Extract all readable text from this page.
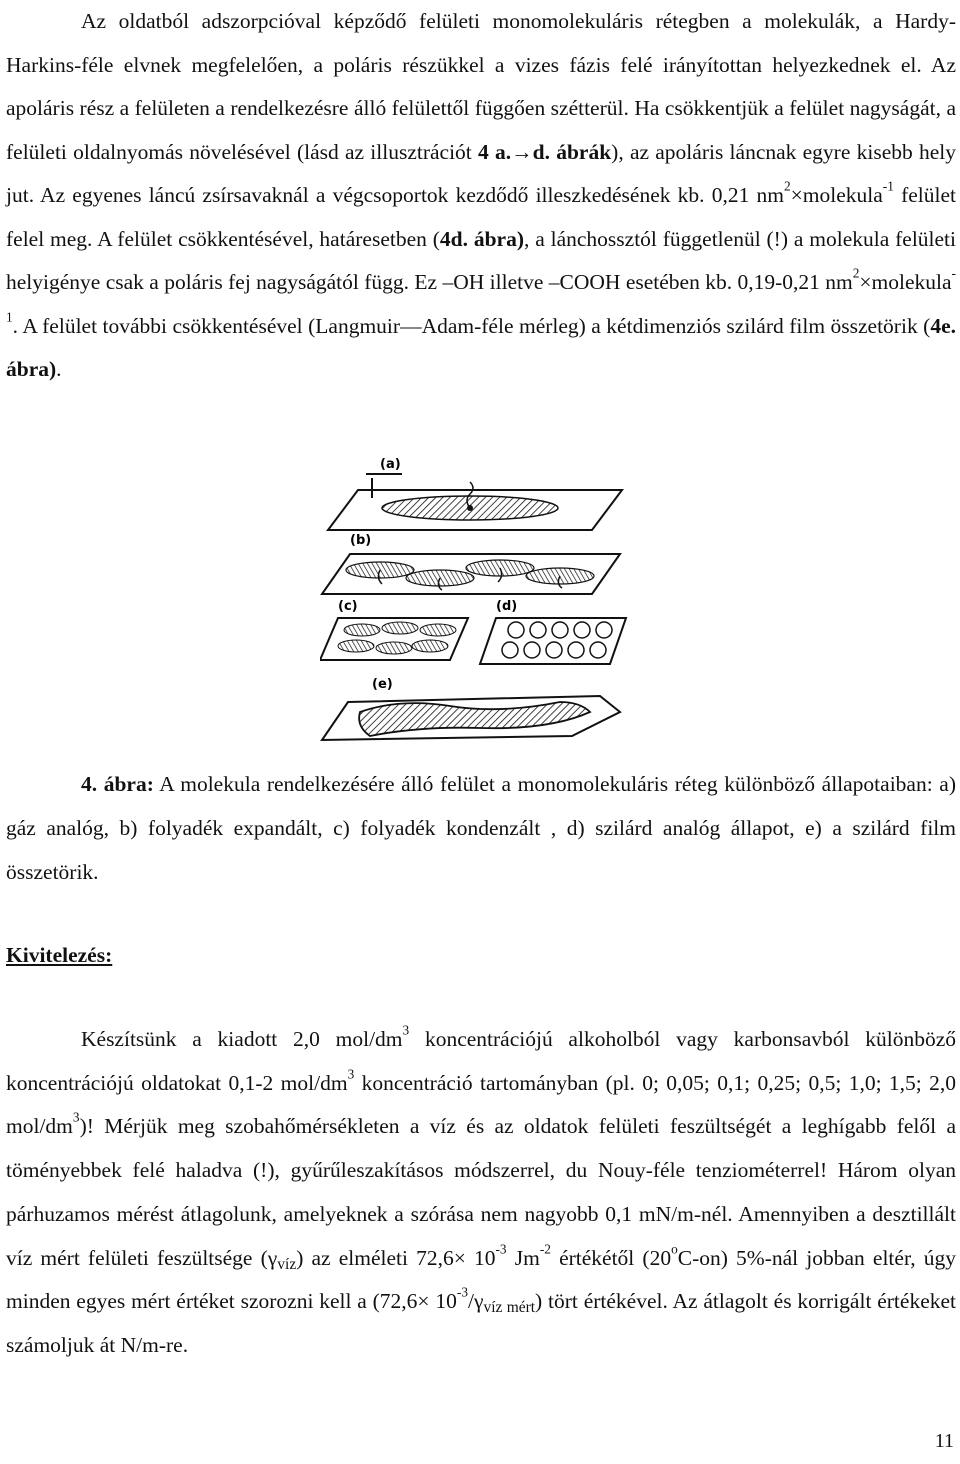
Az oldatból adszorpcióval képződő felületi monomolekuláris rétegben a molekulák, a Hardy-Harkins-féle elvnek megfelelően, a poláris részükkel a vizes fázis felé irányítottan helyezkednek el. Az apoláris rész a felületen a rendelkezésre álló felülettől függően szétterül. Ha csökkentjük a felület nagyságát, a felületi oldalnyomás növelésével (lásd az illusztrációt 4 a.→d. ábrák), az apoláris láncnak egyre kisebb hely jut. Az egyenes láncú zsírsavaknál a végcsoportok kezdődő illeszkedésének kb. 0,21 $nm^2\times molekula^{-1}$ felület felel meg. A felület csökkentésével, határesetben (4d. ábra), a lánchossztól függetlenül (!) a molekula felületi helyigénye csak a poláris fej nagyságától függ. Ez –OH illetve –COOH esetében kb. 0,19-0,21 $nm^2\times molekula^{-1}$. A felület további csökkentésével (Langmuir—Adam-féle mérleg) a kétdimenziós szilárd film összetörik (4e. ábra).

(a)
(b)
(c)	(d)
(e)

4. ábra: A molekula rendelkezésére álló felület a monomolekuláris réteg különböző állapotaiban: a) gáz analóg, b) folyadék expandált, c) folyadék kondenzált , d) szilárd analóg állapot, e) a szilárd film összetörik.

Kivitelezés:

Készítsünk a kiadott 2,0 mol/$dm^3$ koncentrációjú alkoholból vagy karbonsavból különböző koncentrációjú oldatokat 0,1-2 mol/$dm^3$ koncentráció tartományban (pl. 0; 0,05; 0,1; 0,25; 0,5; 1,0; 1,5; 2,0 mol/$dm^3$)! Mérjük meg szobahőmérsékleten a víz és az oldatok felületi feszültségét a leghígabb felől a töményebbek felé haladva (!), gyűrűleszakításos módszerrel, du Nouy-féle tenziométerrel! Három olyan párhuzamos mérést átlagolunk, amelyeknek a szórása nem nagyobb 0,1 mN/m-nél. Amennyiben a desztillált víz mért felületi feszültsége $(\gamma_{víz})$ az elméleti $72,6\times 10^{-3}$ $Jm^{-2}$ értékétől (20$^o$C-on) 5%-nál jobban eltér, úgy minden egyes mért értéket szorozni kell a $(72,6\times 10^{-3}/\gamma_{víz mért})$ tört értékével. Az átlagolt és korrigált értékeket számoljuk át N/m-re.

11
